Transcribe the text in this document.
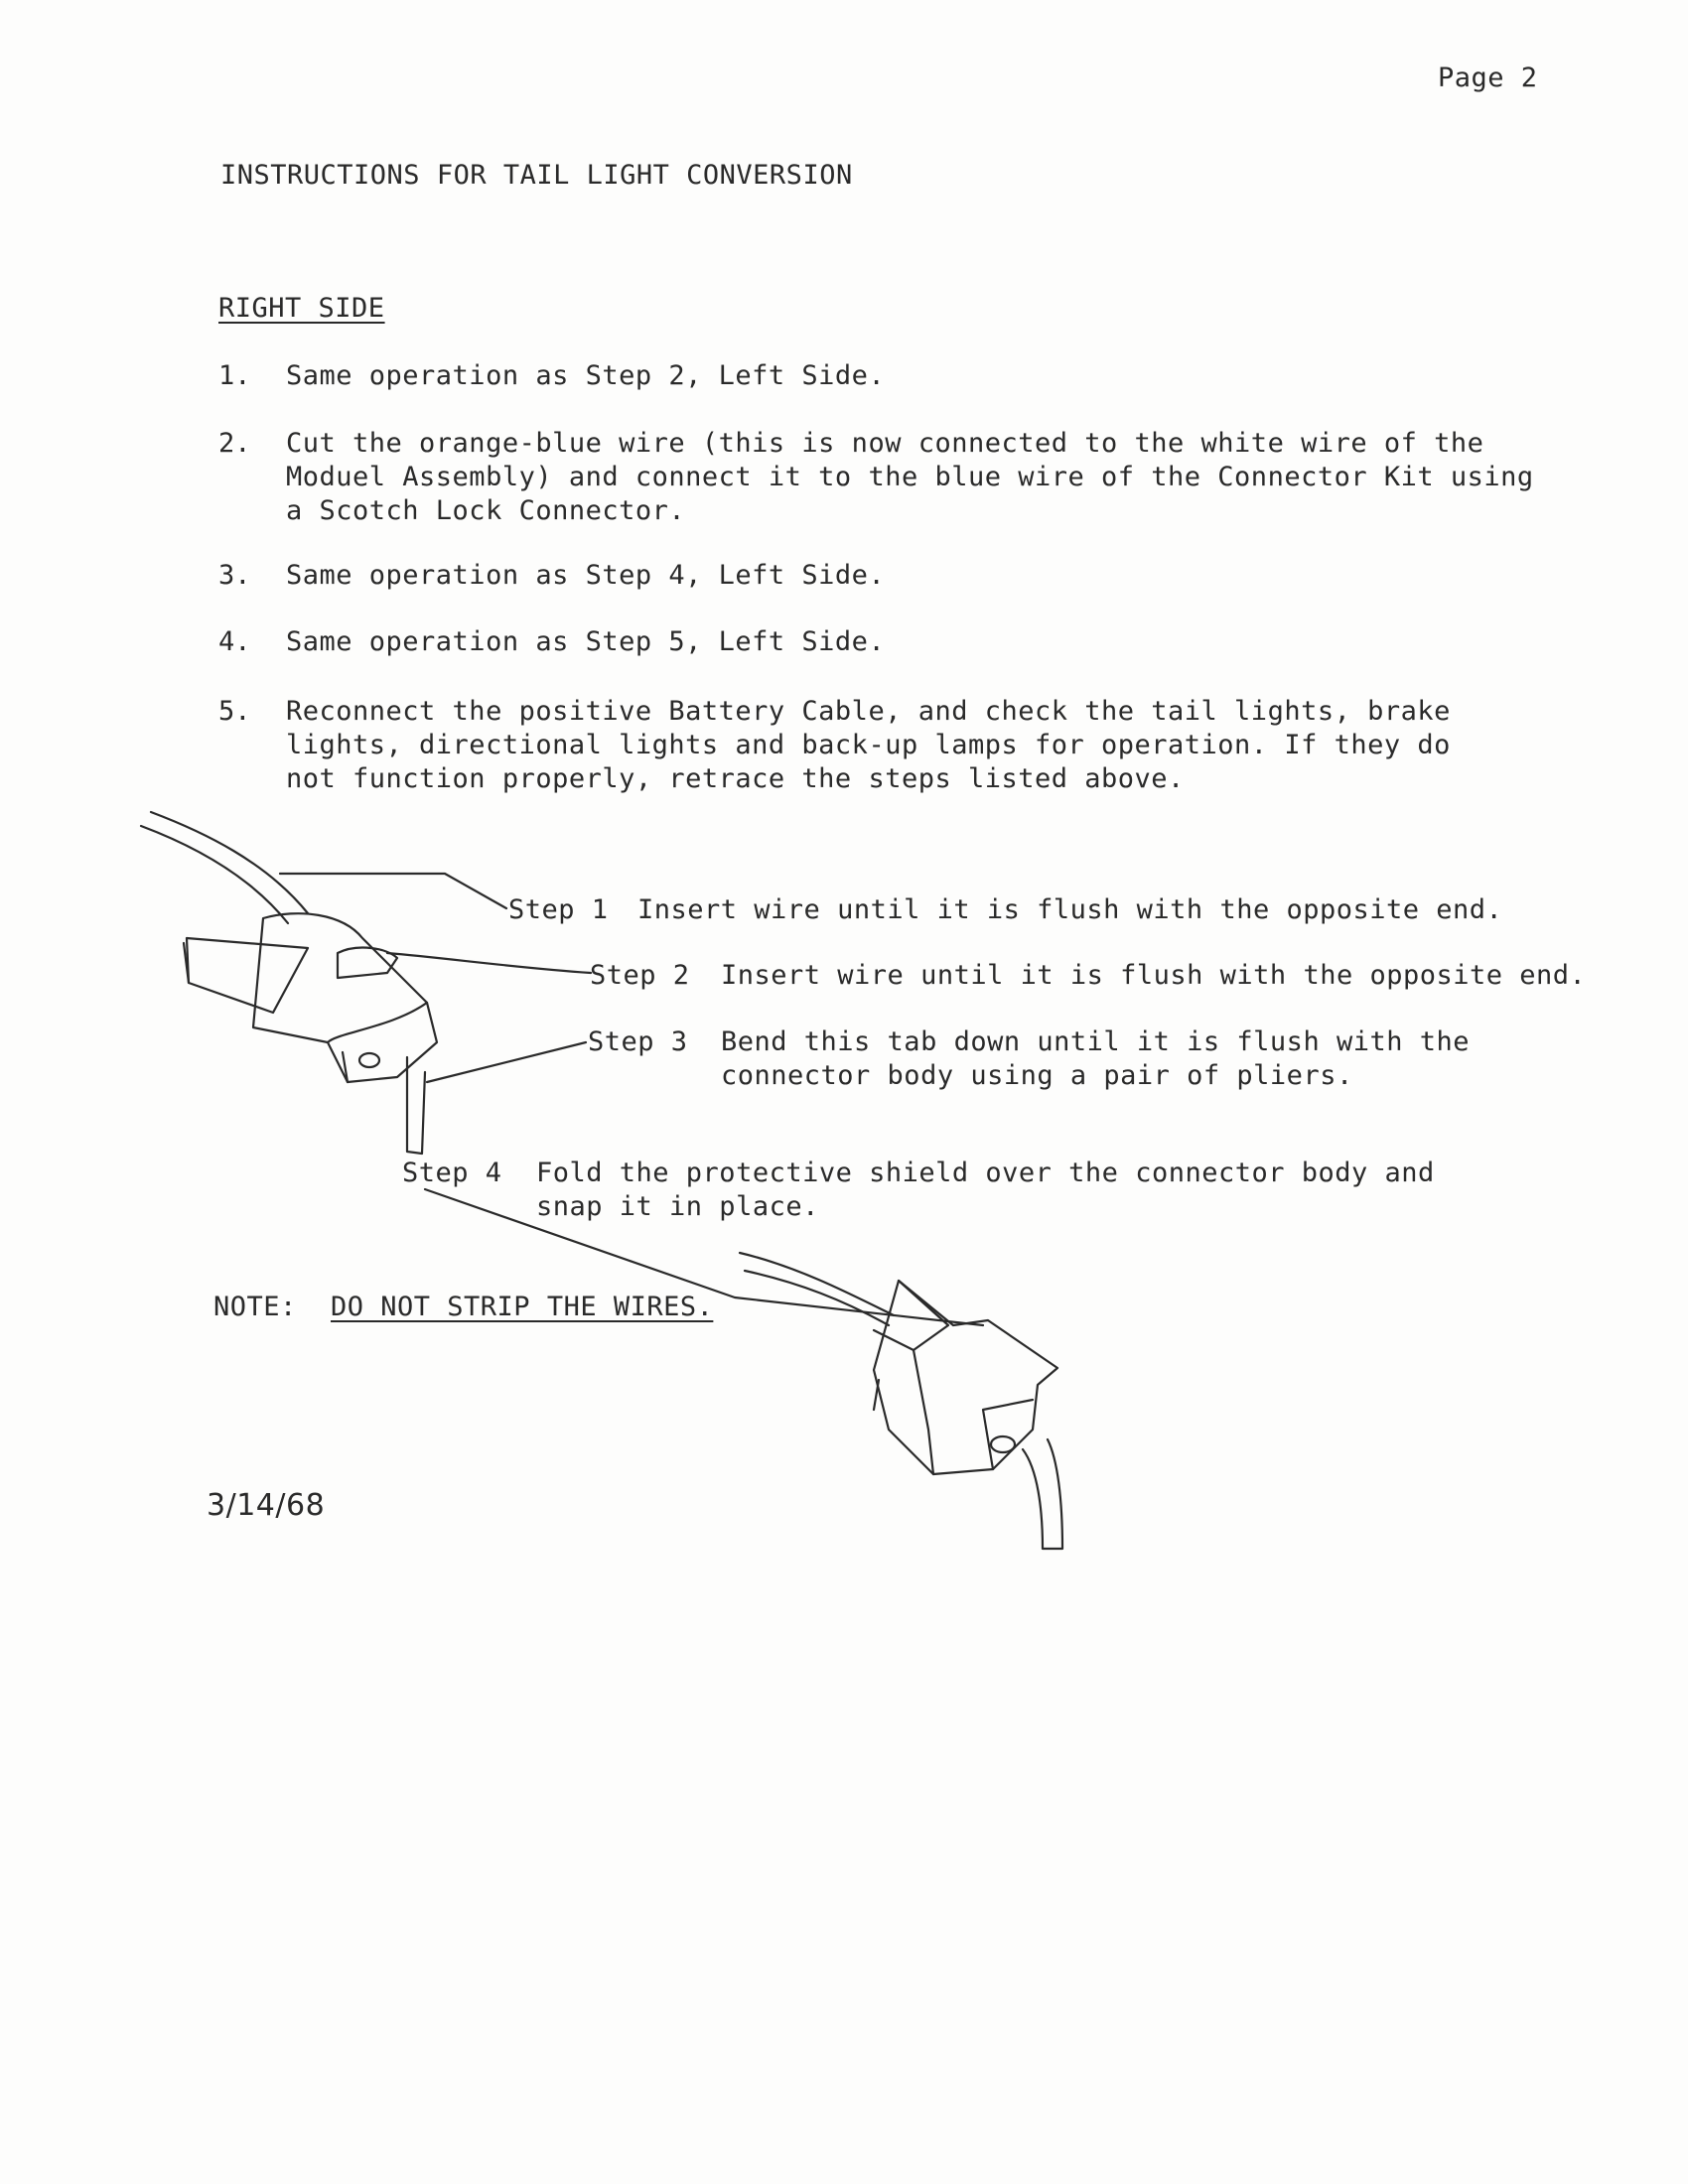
Page 2
INSTRUCTIONS FOR TAIL LIGHT CONVERSION
RIGHT SIDE
1. Same operation as Step 2, Left Side.
2. Cut the orange-blue wire (this is now connected to the white wire of the
Moduel Assembly) and connect it to the blue wire of the Connector Kit using
a Scotch Lock Connector.
3. Same operation as Step 4, Left Side.
4. Same operation as Step 5, Left Side.
5. Reconnect the positive Battery Cable, and check the tail lights, brake
lights, directional lights and back-up lamps for operation. If they do
not function properly, retrace the steps listed above.
Step 1 Insert wire until it is flush with the opposite end.
Step 2 Insert wire until it is flush with the opposite end.
Step 3 Bend this tab down until it is flush with the
connector body using a pair of pliers.
Step 4 Fold the protective shield over the connector body and
snap it in place.
NOTE: DO NOT STRIP THE WIRES.
3/14/68
